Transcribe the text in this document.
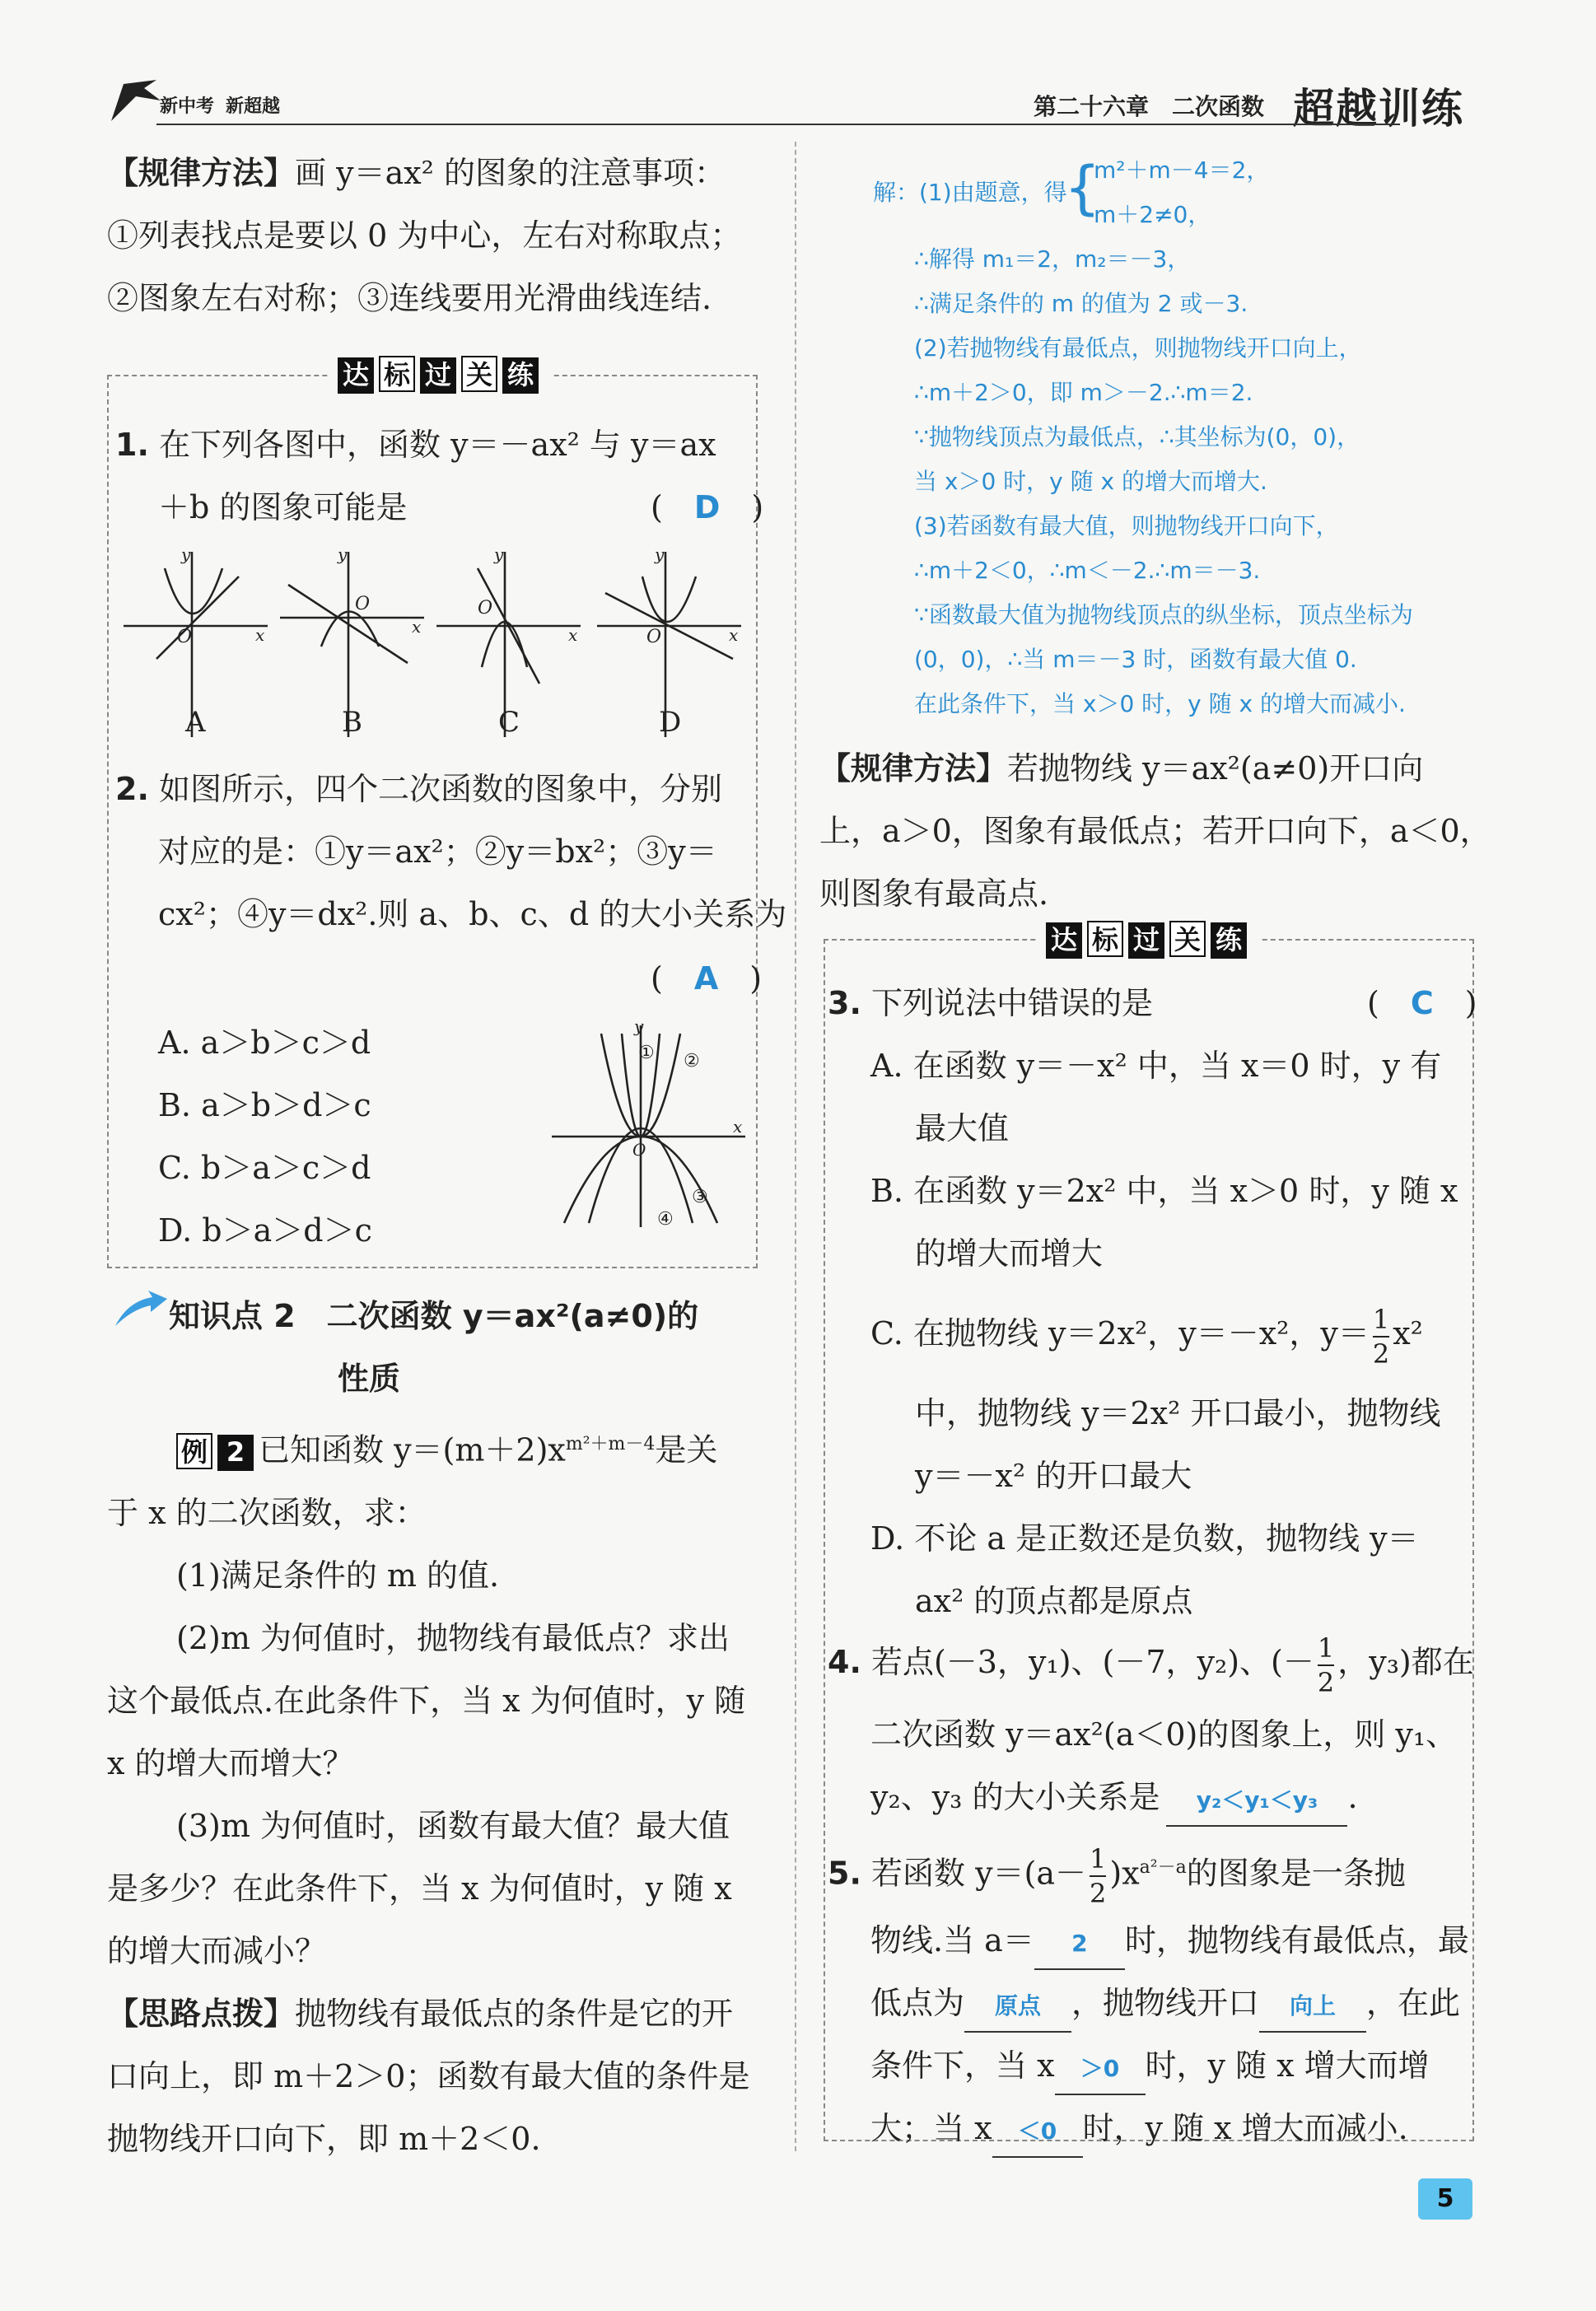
新中考 新超越	第二十六章　二次函数 超越训练
【规律方法】画 y＝ax² 的图象的注意事项：
①列表找点是要以 0 为中心，左右对称取点；
②图象左右对称；③连线要用光滑曲线连结.
达 标 过 关 练
1. 在下列各图中，函数 y＝－ax² 与 y＝ax
＋b 的图象可能是	(　D　)
O
y
x
A
O
y
x
B
O
y
x
C
O
y
x
D
2. 如图所示，四个二次函数的图象中，分别
对应的是：①y＝ax²；②y＝bx²；③y＝
cx²；④y＝dx².则 a、b、c、d 的大小关系为
(　A　)
A. a＞b＞c＞d
B. a＞b＞d＞c
C. b＞a＞c＞d
D. b＞a＞d＞c
y
x
O
① ②
③
④
知识点 2　二次函数 y＝ax²(a≠0)的
性质
例 2 已知函数 $y=(m+2)x^{m^2+m-4}$是关
于 x 的二次函数，求：
(1)满足条件的 m 的值.
(2)m 为何值时，抛物线有最低点？求出
这个最低点.在此条件下，当 x 为何值时，y 随
x 的增大而增大？
(3)m 为何值时，函数有最大值？最大值
是多少？在此条件下，当 x 为何值时，y 随 x
的增大而减小？
【思路点拨】抛物线有最低点的条件是它的开
口向上，即 m＋2＞0；函数有最大值的条件是
抛物线开口向下，即 m＋2＜0.
解：(1)由题意，得
{
m²＋m－4＝2，
m＋2≠0，
∴解得 m₁＝2，m₂＝－3，
∴满足条件的 m 的值为 2 或－3.
(2)若抛物线有最低点，则抛物线开口向上，
∴m＋2＞0，即 m＞－2.∴m＝2.
∵抛物线顶点为最低点，∴其坐标为(0，0)，
当 x＞0 时，y 随 x 的增大而增大.
(3)若函数有最大值，则抛物线开口向下，
∴m＋2＜0，∴m＜－2.∴m＝－3.
∵函数最大值为抛物线顶点的纵坐标，顶点坐标为
(0，0)，∴当 m＝－3 时，函数有最大值 0.
在此条件下，当 x＞0 时，y 随 x 的增大而减小.
【规律方法】若抛物线 y＝ax²(a≠0)开口向
上，a＞0，图象有最低点；若开口向下，a＜0，
则图象有最高点.
达 标 过 关 练
3. 下列说法中错误的是
A. 在函数 y＝－x² 中，当 x＝0 时，y 有
最大值
B. 在函数 y＝2x² 中，当 x＞0 时，y 随 x
的增大而增大
C. 在抛物线 y＝2x²，y＝－x²，$y= \frac{1}{2} x^2$
中，抛物线 y＝2x² 开口最小，抛物线
y＝－x² 的开口最大
D. 不论 a 是正数还是负数，抛物线 y＝
ax² 的顶点都是原点
(　C　)
4. 若点(－3，y₁)、(－7，y₂)、(－ $\frac{1}{2}$ ，y₃)都在
二次函数 y＝ax²(a＜0)的图象上，则 y₁、
y₂、y₃ 的大小关系是 y₂＜y₁＜y₃ .
5. 若函数 $y=(a- \frac{1}{2} )x^{a^2-a}$的图象是一条抛
物线.当 a＝ 2 时，抛物线有最低点，最
低点为 原点 ，抛物线开口 向上 ，在此
条件下，当 x ＞0 时，y 随 x 增大而增
大；当 x ＜0 时，y 随 x 增大而减小.
5
